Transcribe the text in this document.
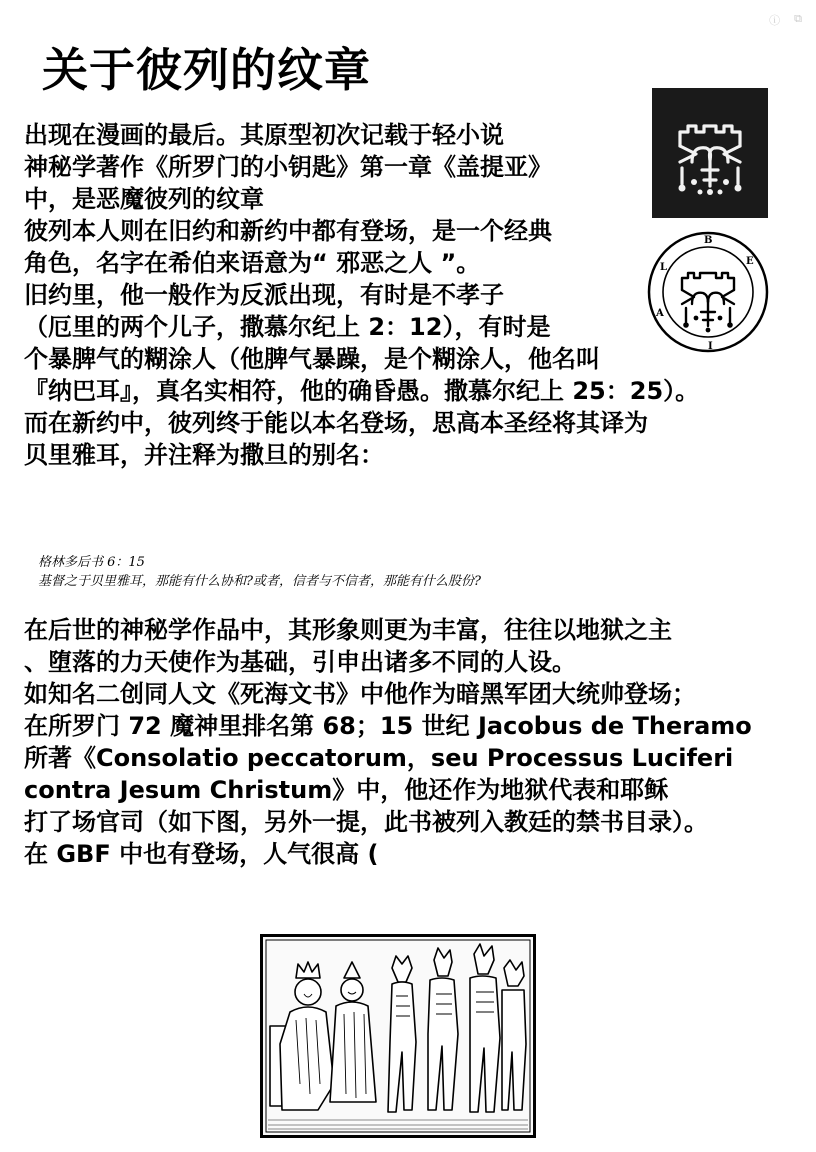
ⓘ ⧉
关于彼列的纹章
出现在漫画的最后。其原型初次记载于轻小说
神秘学著作《所罗门的小钥匙》第一章《盖提亚》
中，是恶魔彼列的纹章
彼列本人则在旧约和新约中都有登场，是一个经典
角色，名字在希伯来语意为“ 邪恶之人 ”。
旧约里，他一般作为反派出现，有时是不孝子
（厄里的两个儿子，撒慕尔纪上 2：12），有时是
个暴脾气的糊涂人（他脾气暴躁，是个糊涂人，他名叫
『纳巴耳』，真名实相符，他的确昏愚。撒慕尔纪上 25：25）。
而在新约中，彼列终于能以本名登场，思高本圣经将其译为
贝里雅耳，并注释为撒旦的别名：
格林多后书 6：15
基督之于贝里雅耳，那能有什么协和?或者，信者与不信者，那能有什么股份?
在后世的神秘学作品中，其形象则更为丰富，往往以地狱之主
、堕落的力天使作为基础，引申出诸多不同的人设。
如知名二创同人文《死海文书》中他作为暗黑军团大统帅登场；
在所罗门 72 魔神里排名第 68；15 世纪 Jacobus de Theramo
所著《Consolatio peccatorum，seu Processus Luciferi
contra Jesum Christum》中，他还作为地狱代表和耶稣
打了场官司（如下图，另外一提，此书被列入教廷的禁书目录）。
在 GBF 中也有登场，人气很高 (
B
E
L
I
A
